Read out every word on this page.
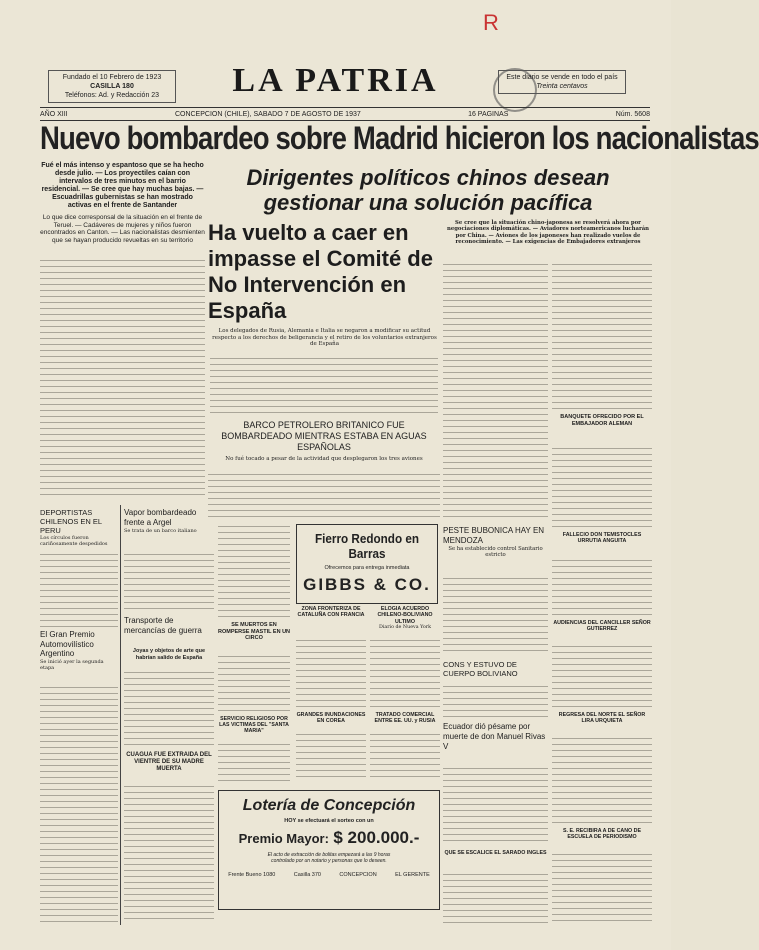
R
Fundado el 10 Febrero de 1923
CASILLA 180
Teléfonos: Ad. y Redacción 23	LA PATRIA	Este diario se vende en todo el país
Treinta centavos
AÑO XIII	CONCEPCION (CHILE), SABADO 7 DE AGOSTO DE 1937	16 PAGINAS	Núm. 5608
Nuevo bombardeo sobre Madrid hicieron los nacionalistas
Fué el más intenso y espantoso que se ha hecho desde julio. — Los proyectiles caían con intervalos de tres minutos en el barrio residencial. — Se cree que hay muchas bajas. — Escuadrillas gubernistas se han mostrado activas en el frente de Santander
Lo que dice corresponsal de la situación en el frente de Teruel. — Cadáveres de mujeres y niños fueron encontrados en Canton. — Las nacionalistas desmienten que se hayan producido revueltas en su territorio
Dirigentes políticos chinos desean gestionar una solución pacífica
Ha vuelto a caer en impasse el Comité de No Intervención en España
Los delegados de Rusia, Alemania e Italia se negaron a modificar su actitud respecto a los derechos de beligerancia y el retiro de los voluntarios extranjeros de España
Se cree que la situación chino-japonesa se resolverá ahora por negociaciones diplomáticas. — Aviadores norteamericanos lucharán por China. — Aviones de los japoneses han realizado vuelos de reconocimiento. — Las exigencias de Embajadores extranjeros
BARCO PETROLERO BRITANICO FUE BOMBARDEADO MIENTRAS ESTABA EN AGUAS ESPAÑOLAS
No fué tocado a pesar de la actividad que desplegaron los tres aviones
DEPORTISTAS CHILENOS EN EL PERU
Los círculos fueron cariñosamente despedidos
El Gran Premio Automovilístico Argentino
Se inició ayer la segunda etapa
Vapor bombardeado frente a Argel
Se trata de un barco italiano
Transporte de mercancías de guerra
Joyas y objetos de arte que habrían salido de España
CUAGUA FUE EXTRAIDA DEL VIENTRE DE SU MADRE MUERTA
SE MUERTOS EN ROMPERSE MASTIL EN UN CIRCO
SERVICIO RELIGIOSO POR LAS VICTIMAS DEL "SANTA MARIA"
Fierro Redondo en Barras
Ofrecemos para entrega inmediata
GIBBS & CO.
ZONA FRONTERIZA DE CATALUÑA CON FRANCIA
GRANDES INUNDACIONES EN COREA
ELOGIA ACUERDO CHILENO-BOLIVIANO ULTIMO
Diario de Nueva York
TRATADO COMERCIAL ENTRE EE. UU. y RUSIA
PESTE BUBONICA HAY EN MENDOZA
Se ha establecido control Sanitario estricto
CONS Y ESTUVO DE CUERPO BOLIVIANO
Ecuador dió pésame por muerte de don Manuel Rivas V
QUE SE ESCALICE EL SARADO INGLES
BANQUETE OFRECIDO POR EL EMBAJADOR ALEMAN
FALLECIO DON TEMISTOCLES URRUTIA ANGUITA
AUDIENCIAS DEL CANCILLER SEÑOR GUTIERREZ
REGRESA DEL NORTE EL SEÑOR LIRA URQUIETA
S. E. RECIBIRA A DE CANO DE ESCUELA DE PERIODISMO
Lotería de Concepción
HOY se efectuará el sorteo con un
Premio Mayor: $ 200.000.-
El acto de extracción de bolitas empezará a las 9 horas
controlado por un notario y personas que lo deseen.
Frente Bueno 1080	Casilla 370	CONCEPCION	EL GERENTE
